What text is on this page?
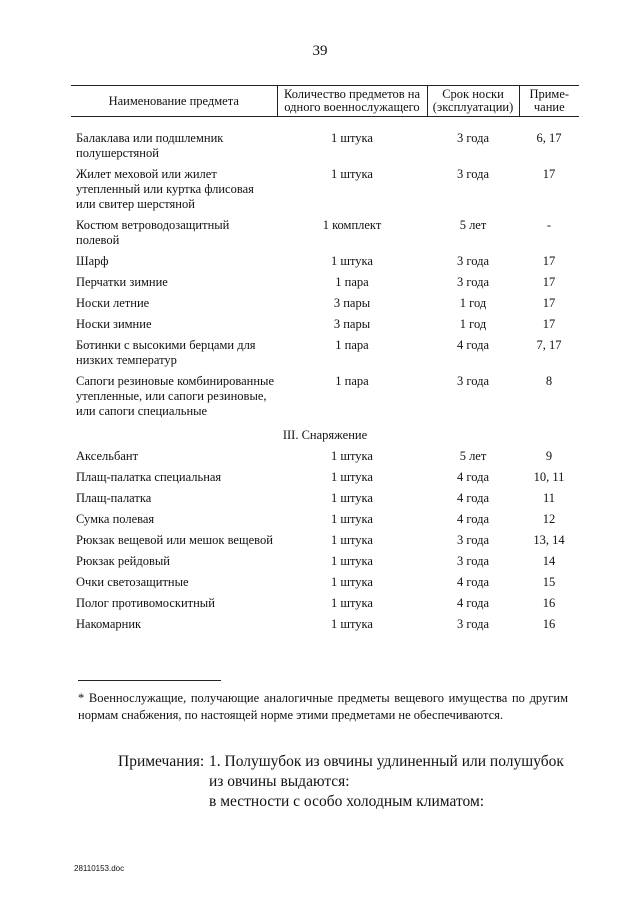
39
Наименование предмета	Количество предметов на одного военнослужащего	Срок носки (эксплуатации)	Приме-чание
Балаклава или подшлемник полушерстяной	1 штука	3 года	6, 17
Жилет меховой или жилет утепленный или куртка флисовая или свитер шерстяной	1 штука	3 года	17
Костюм ветроводозащитный полевой	1 комплект	5 лет	-
Шарф	1 штука	3 года	17
Перчатки зимние	1 пара	3 года	17
Носки летние	3 пары	1 год	17
Носки зимние	3 пары	1 год	17
Ботинки с высокими берцами для низких температур	1 пара	4 года	7, 17
Сапоги резиновые комбинированные утепленные, или сапоги резиновые, или сапоги специальные	1 пара	3 года	8
III. Снаряжение			
Аксельбант	1 штука	5 лет	9
Плащ-палатка специальная	1 штука	4 года	10, 11
Плащ-палатка	1 штука	4 года	11
Сумка полевая	1 штука	4 года	12
Рюкзак вещевой или мешок вещевой	1 штука	3 года	13, 14
Рюкзак рейдовый	1 штука	3 года	14
Очки светозащитные	1 штука	4 года	15
Полог противомоскитный	1 штука	4 года	16
Накомарник	1 штука	3 года	16
* Военнослужащие, получающие аналогичные предметы вещевого имущества по другим нормам снабжения, по настоящей норме этими предметами не обеспечиваются.
Примечания: 1. Полушубок из овчины удлиненный или полушубок из овчины выдаются:
в местности с особо холодным климатом:
28110153.doc
